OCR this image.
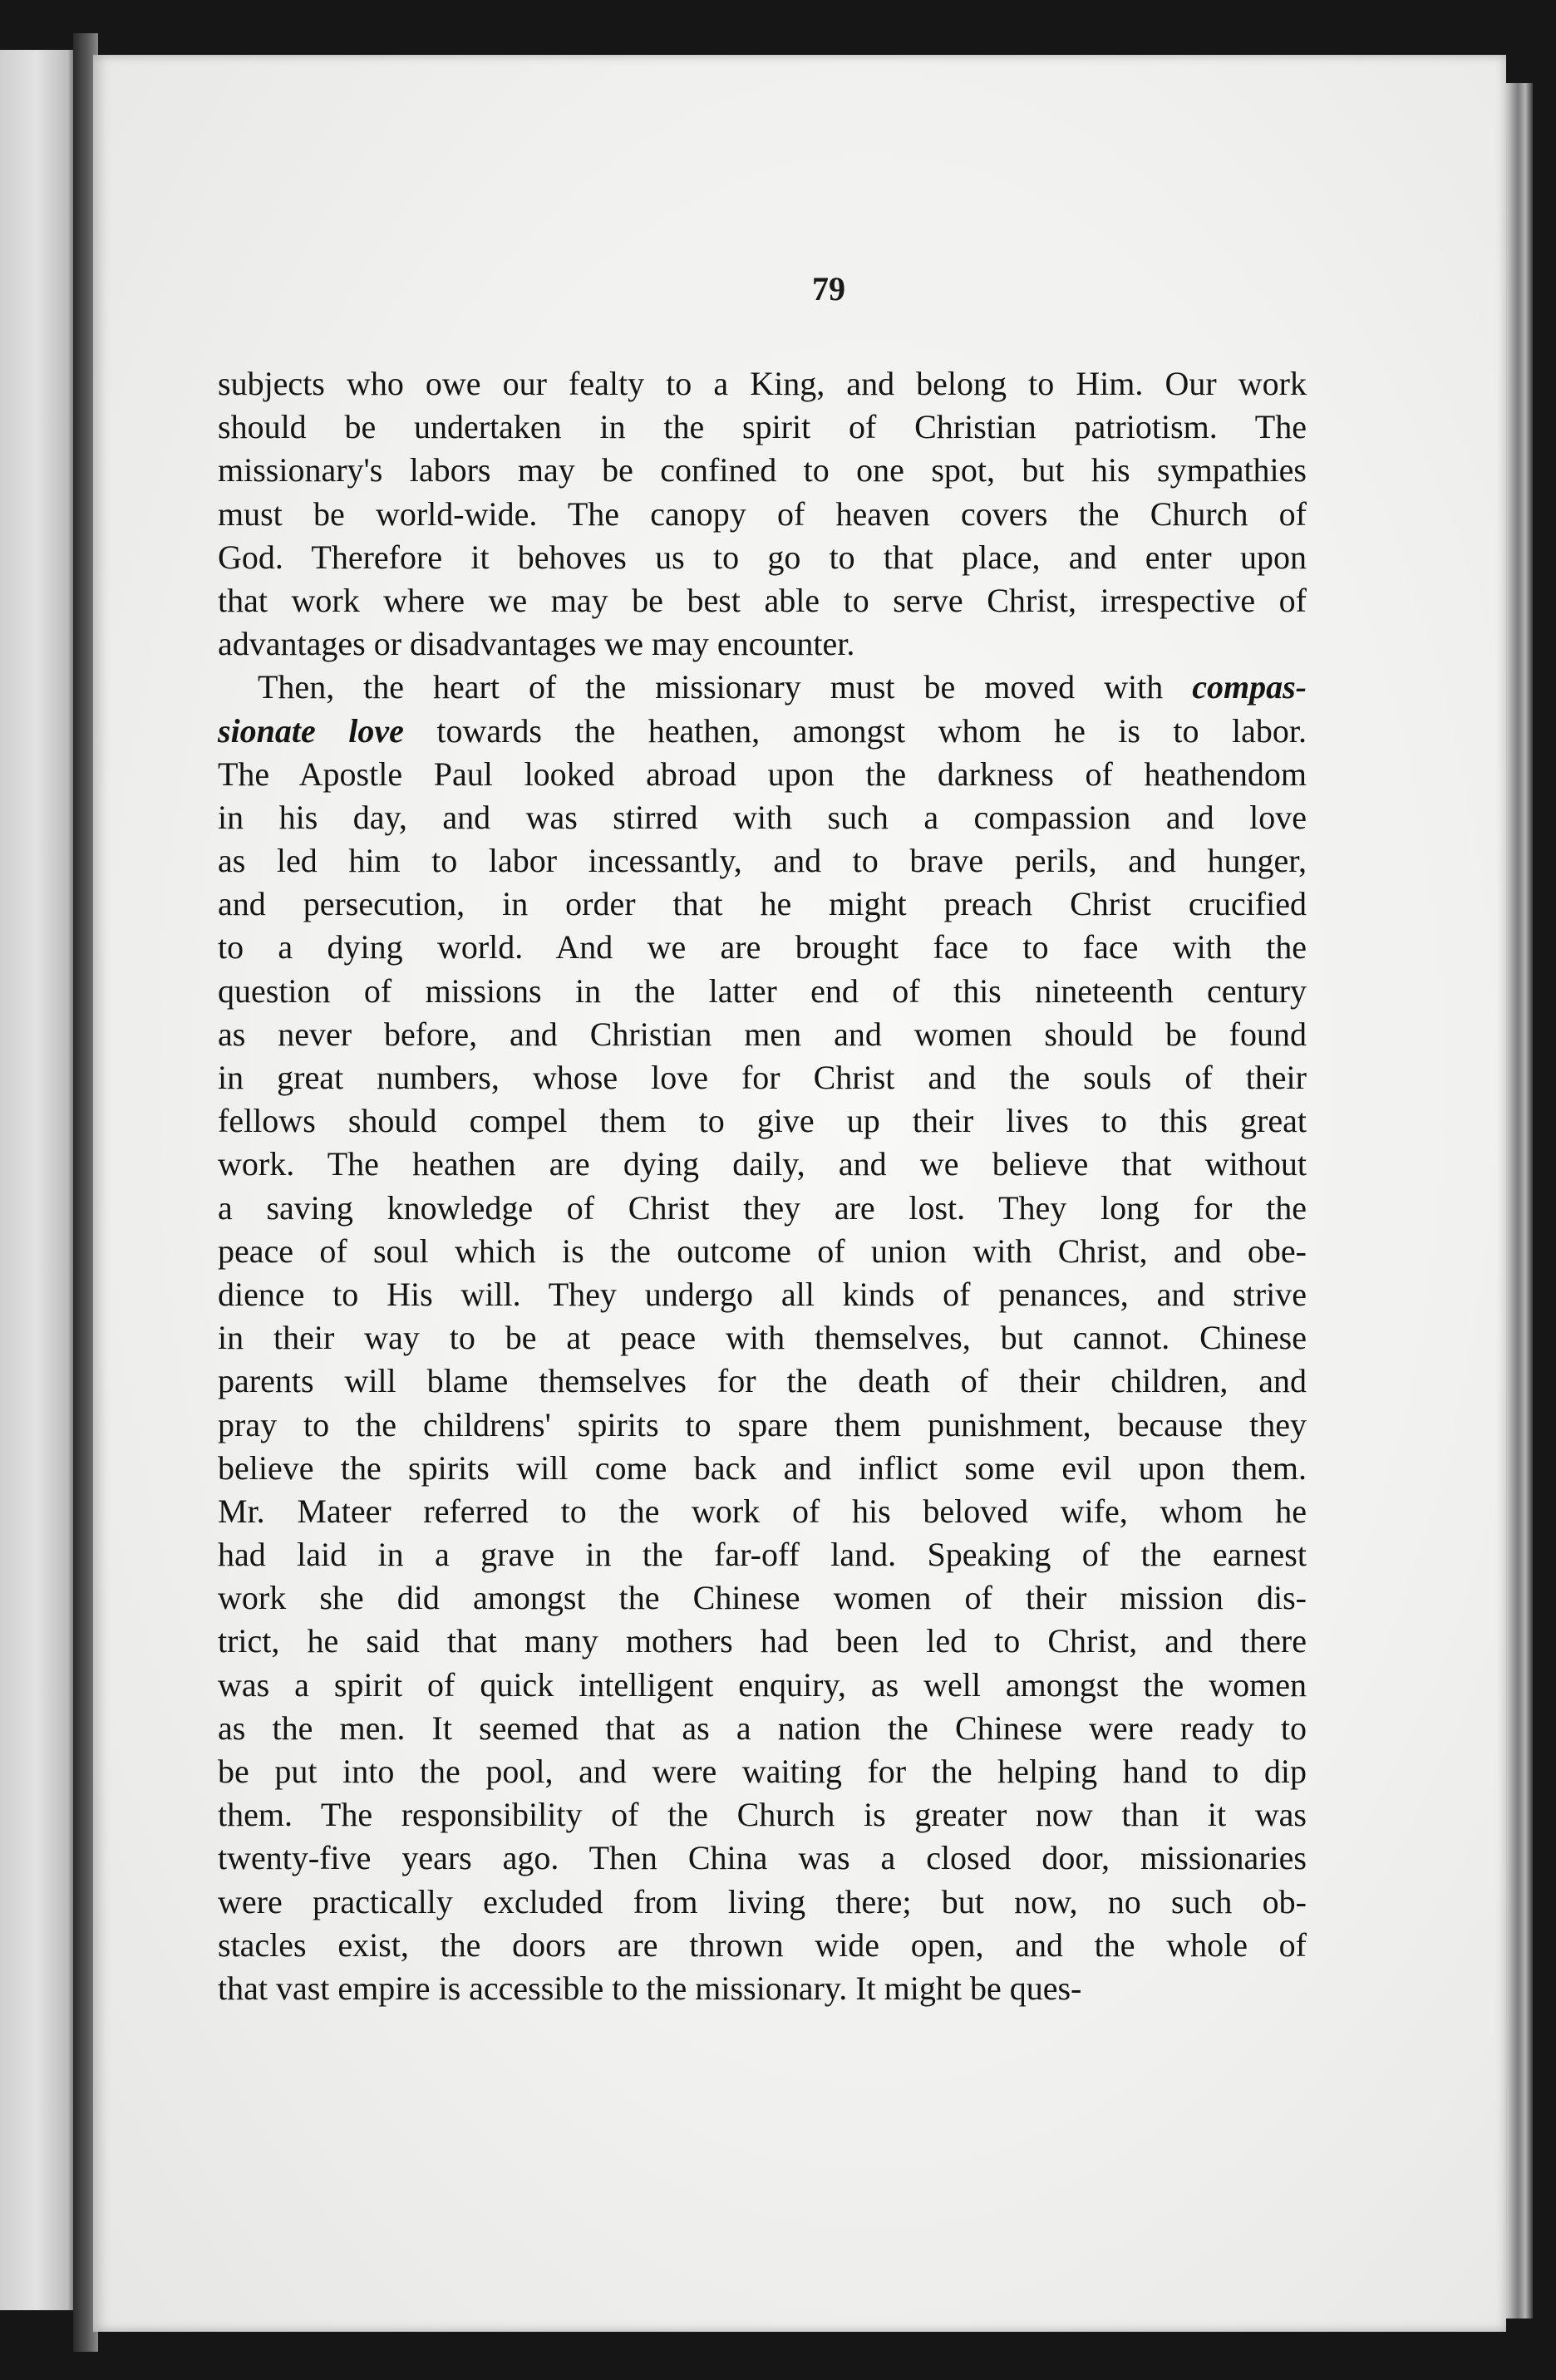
79
subjects who owe our fealty to a King, and belong to Him. Our work
should be undertaken in the spirit of Christian patriotism. The
missionary's labors may be confined to one spot, but his sympathies
must be world-wide. The canopy of heaven covers the Church of
God. Therefore it behoves us to go to that place, and enter upon
that work where we may be best able to serve Christ, irrespective of
advantages or disadvantages we may encounter.
Then, the heart of the missionary must be moved with compas-
sionate love towards the heathen, amongst whom he is to labor.
The Apostle Paul looked abroad upon the darkness of heathendom
in his day, and was stirred with such a compassion and love
as led him to labor incessantly, and to brave perils, and hunger,
and persecution, in order that he might preach Christ crucified
to a dying world. And we are brought face to face with the
question of missions in the latter end of this nineteenth century
as never before, and Christian men and women should be found
in great numbers, whose love for Christ and the souls of their
fellows should compel them to give up their lives to this great
work. The heathen are dying daily, and we believe that without
a saving knowledge of Christ they are lost. They long for the
peace of soul which is the outcome of union with Christ, and obe-
dience to His will. They undergo all kinds of penances, and strive
in their way to be at peace with themselves, but cannot. Chinese
parents will blame themselves for the death of their children, and
pray to the childrens' spirits to spare them punishment, because they
believe the spirits will come back and inflict some evil upon them.
Mr. Mateer referred to the work of his beloved wife, whom he
had laid in a grave in the far-off land. Speaking of the earnest
work she did amongst the Chinese women of their mission dis-
trict, he said that many mothers had been led to Christ, and there
was a spirit of quick intelligent enquiry, as well amongst the women
as the men. It seemed that as a nation the Chinese were ready to
be put into the pool, and were waiting for the helping hand to dip
them. The responsibility of the Church is greater now than it was
twenty-five years ago. Then China was a closed door, missionaries
were practically excluded from living there; but now, no such ob-
stacles exist, the doors are thrown wide open, and the whole of
that vast empire is accessible to the missionary. It might be ques-
